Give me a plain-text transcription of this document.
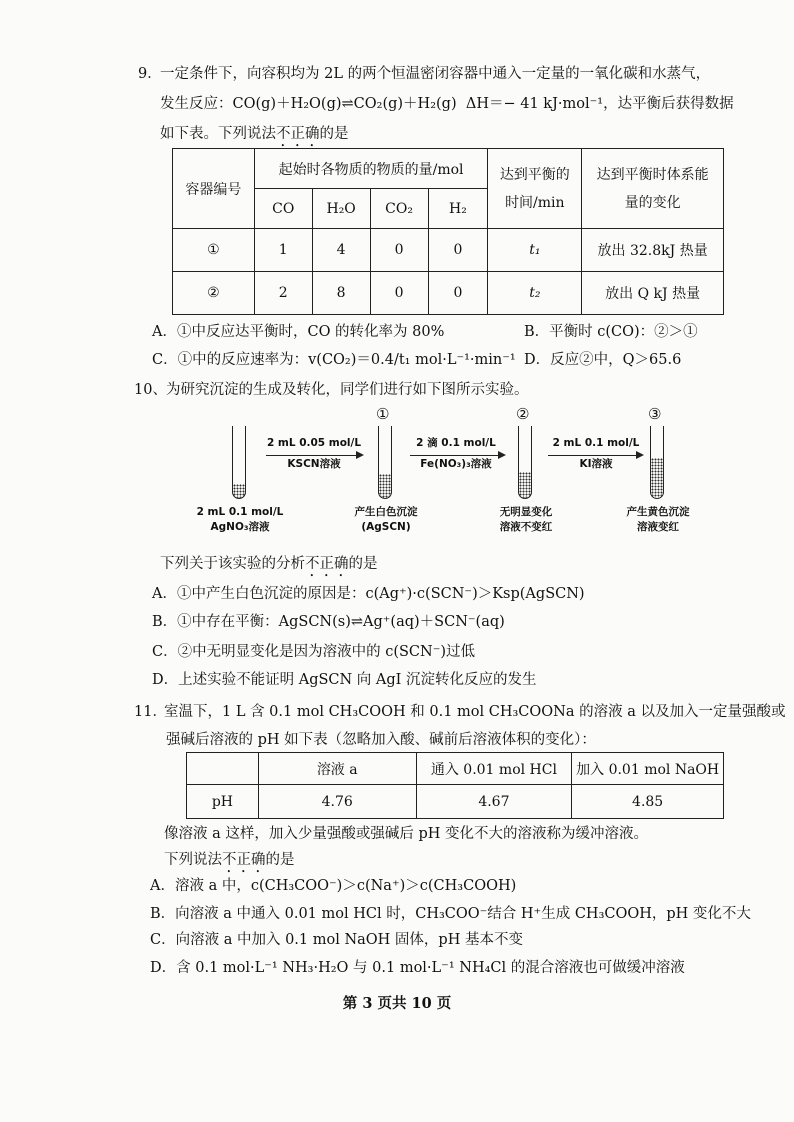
9．
一定条件下，向容积均为 2L 的两个恒温密闭容器中通入一定量的一氧化碳和水蒸气，
发生反应：CO(g)＋H₂O(g)⇌CO₂(g)＋H₂(g) ΔH＝− 41 kJ·mol⁻¹，达平衡后获得数据
如下表。下列说法不正确的是
容器编号	起始时各物质的物质的量/mol				达到平衡的时间/min	达到平衡时体系能量的变化
	CO	H₂O	CO₂	H₂		
①	1	4	0	0	t₁	放出 32.8kJ 热量
②	2	8	0	0	t₂	放出 Q kJ 热量
A．①中反应达平衡时，CO 的转化率为 80%	B．平衡时 c(CO)：②＞①
C．①中的反应速率为：v(CO₂)＝0.4/t₁ mol·L⁻¹·min⁻¹ D．反应②中，Q＞65.6
10、 为研究沉淀的生成及转化，同学们进行如下图所示实验。
2 mL 0.1 mol/L
AgNO₃溶液
2 mL 0.05 mol/L
KSCN溶液
①
产生白色沉淀
(AgSCN)
2 滴 0.1 mol/L
Fe(NO₃)₃溶液
②
无明显变化
溶液不变红
2 mL 0.1 mol/L
KI溶液
③
产生黄色沉淀
溶液变红
下列关于该实验的分析不正确的是
A．①中产生白色沉淀的原因是：c(Ag⁺)·c(SCN⁻)＞Ksp(AgSCN)
B．①中存在平衡：AgSCN(s)⇌Ag⁺(aq)＋SCN⁻(aq)
C．②中无明显变化是因为溶液中的 c(SCN⁻)过低
D．上述实验不能证明 AgSCN 向 AgI 沉淀转化反应的发生
11．
室温下，1 L 含 0.1 mol CH₃COOH 和 0.1 mol CH₃COONa 的溶液 a 以及加入一定量强酸或
强碱后溶液的 pH 如下表（忽略加入酸、碱前后溶液体积的变化）：
	溶液 a	通入 0.01 mol HCl	加入 0.01 mol NaOH
pH	4.76	4.67	4.85
像溶液 a 这样，加入少量强酸或强碱后 pH 变化不大的溶液称为缓冲溶液。
下列说法不正确的是
A．溶液 a 中，c(CH₃COO⁻)＞c(Na⁺)＞c(CH₃COOH)
B．向溶液 a 中通入 0.01 mol HCl 时，CH₃COO⁻结合 H⁺生成 CH₃COOH，pH 变化不大
C．向溶液 a 中加入 0.1 mol NaOH 固体，pH 基本不变
D．含 0.1 mol·L⁻¹ NH₃·H₂O 与 0.1 mol·L⁻¹ NH₄Cl 的混合溶液也可做缓冲溶液
第 3 页共 10 页
